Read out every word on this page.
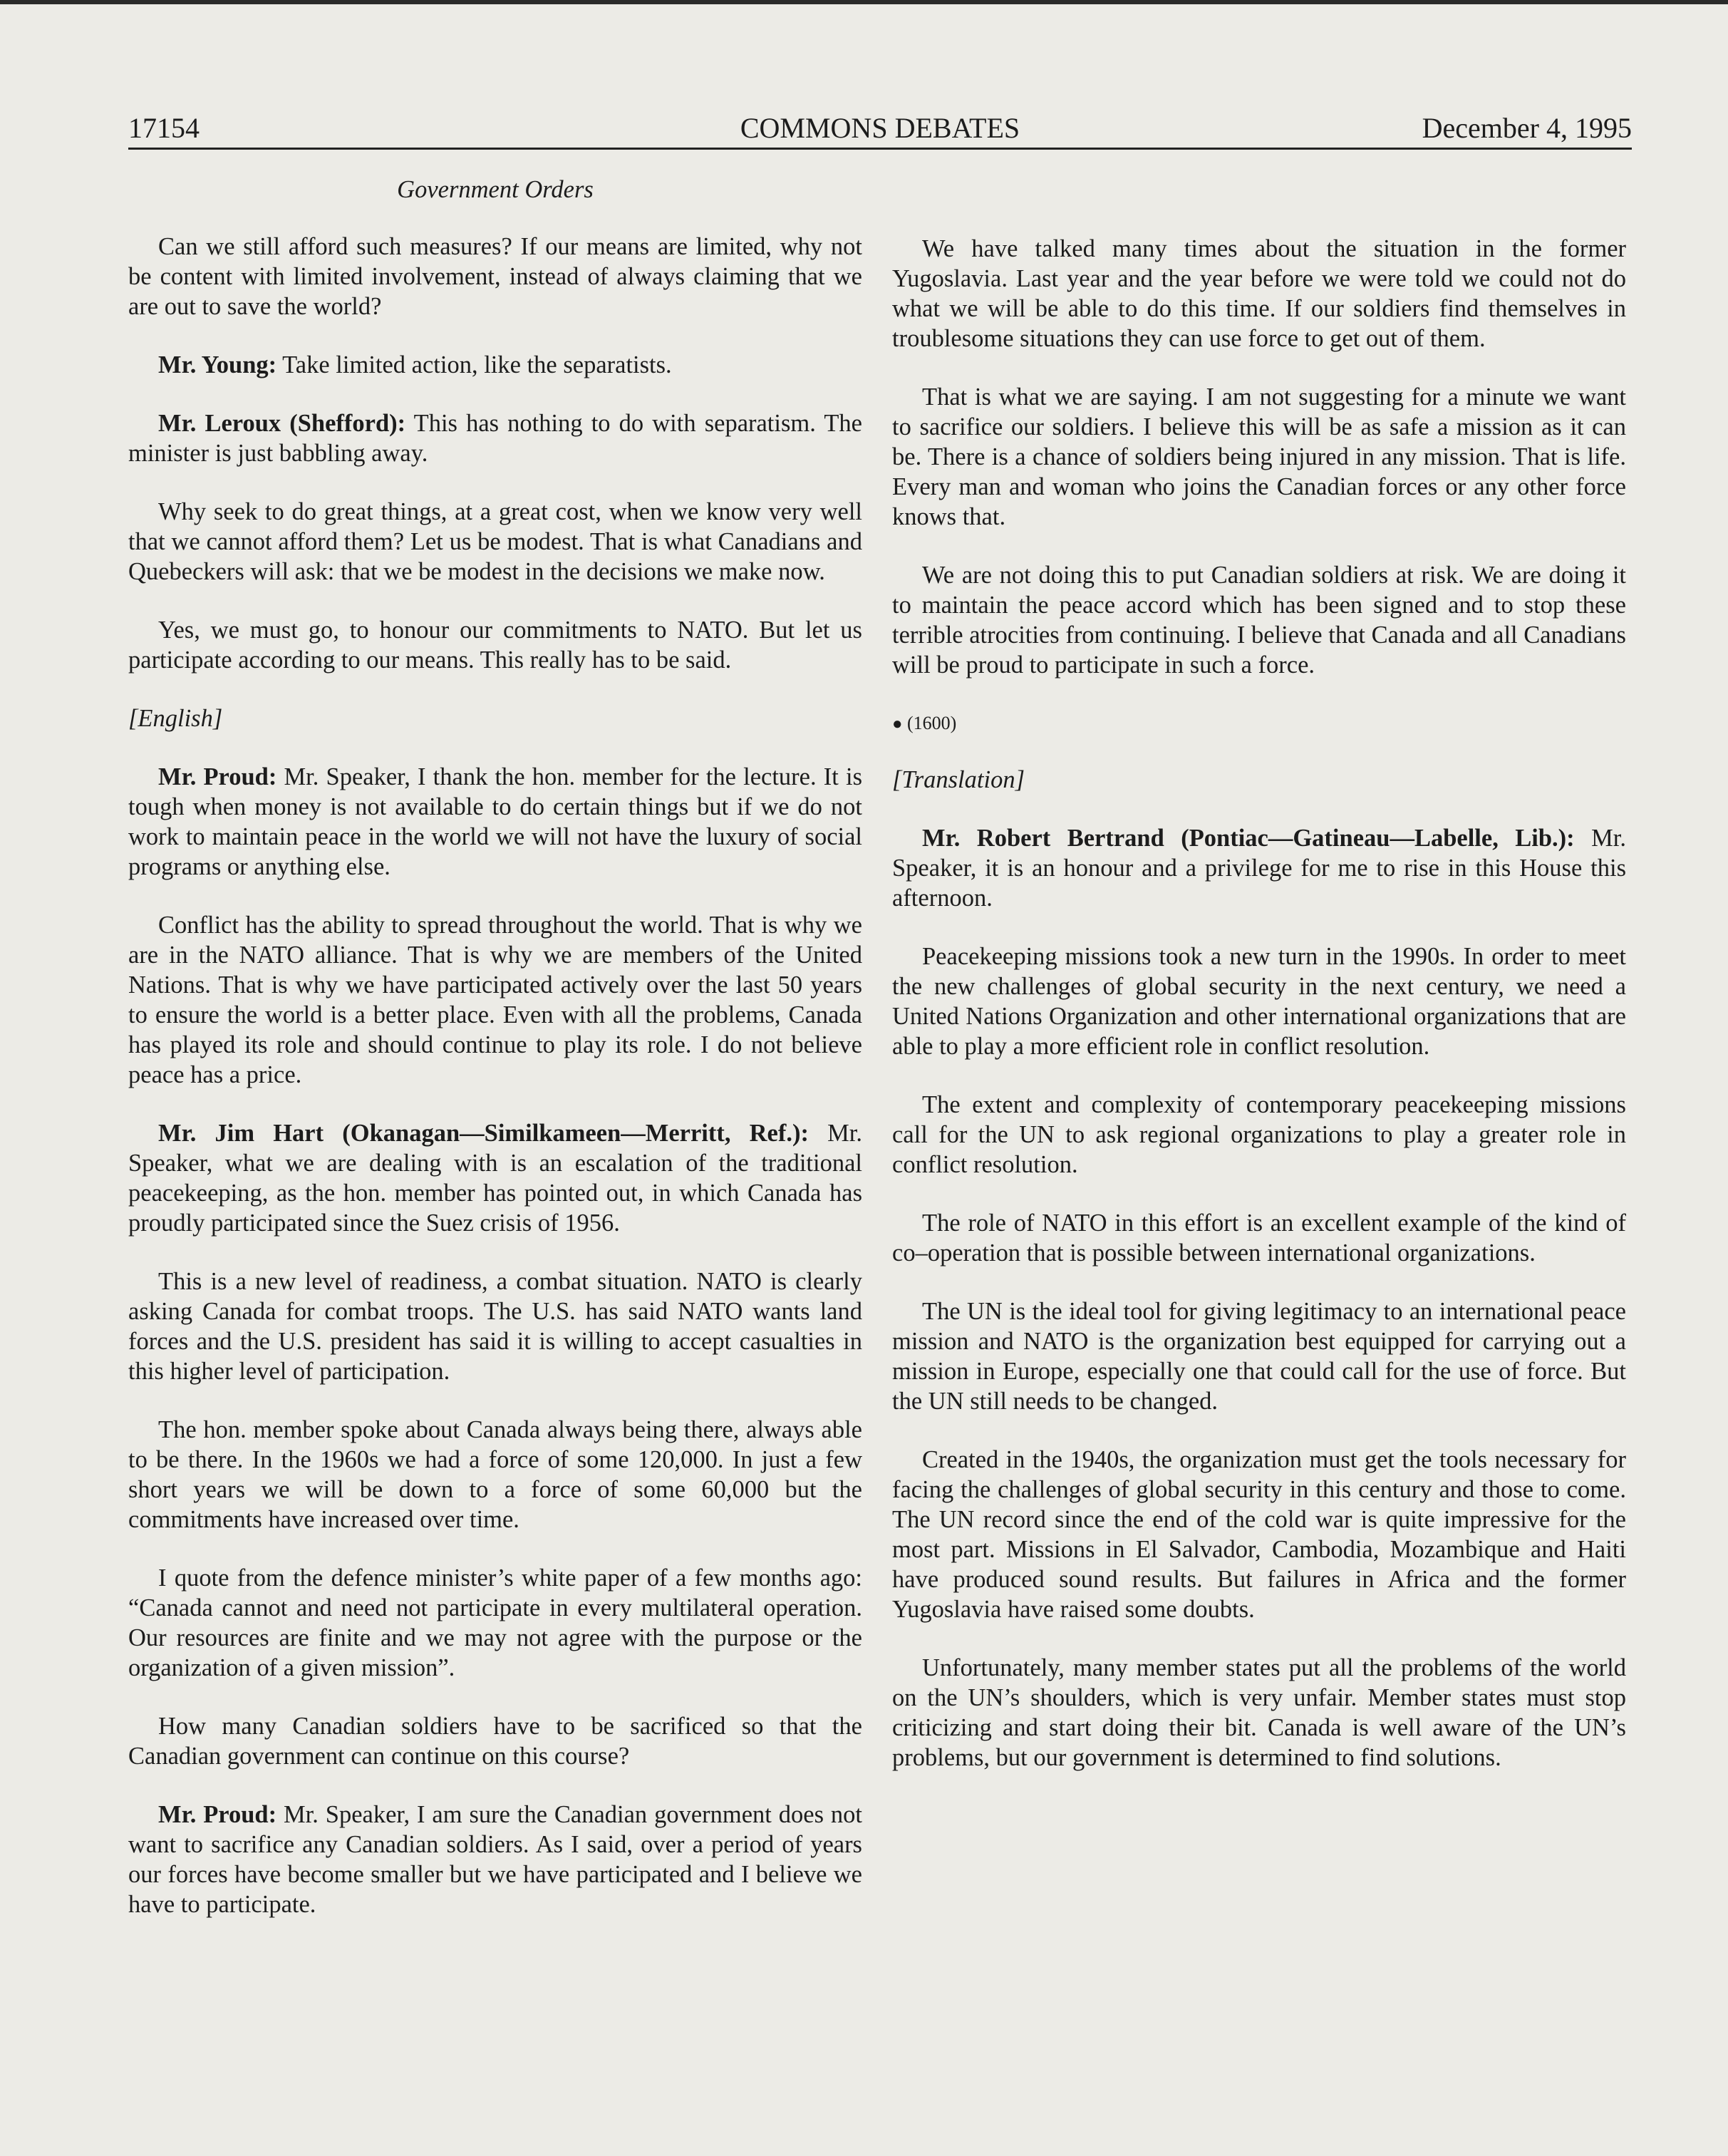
17154	COMMONS DEBATES	December 4, 1995
Government Orders

Can we still afford such measures? If our means are limited, why not be content with limited involvement, instead of always claiming that we are out to save the world?

Mr. Young: Take limited action, like the separatists.

Mr. Leroux (Shefford): This has nothing to do with separatism. The minister is just babbling away.

Why seek to do great things, at a great cost, when we know very well that we cannot afford them? Let us be modest. That is what Canadians and Quebeckers will ask: that we be modest in the decisions we make now.

Yes, we must go, to honour our commitments to NATO. But let us participate according to our means. This really has to be said.

[English]

Mr. Proud: Mr. Speaker, I thank the hon. member for the lecture. It is tough when money is not available to do certain things but if we do not work to maintain peace in the world we will not have the luxury of social programs or anything else.

Conflict has the ability to spread throughout the world. That is why we are in the NATO alliance. That is why we are members of the United Nations. That is why we have participated actively over the last 50 years to ensure the world is a better place. Even with all the problems, Canada has played its role and should continue to play its role. I do not believe peace has a price.

Mr. Jim Hart (Okanagan—Similkameen—Merritt, Ref.): Mr. Speaker, what we are dealing with is an escalation of the traditional peacekeeping, as the hon. member has pointed out, in which Canada has proudly participated since the Suez crisis of 1956.

This is a new level of readiness, a combat situation. NATO is clearly asking Canada for combat troops. The U.S. has said NATO wants land forces and the U.S. president has said it is willing to accept casualties in this higher level of participation.

The hon. member spoke about Canada always being there, always able to be there. In the 1960s we had a force of some 120,000. In just a few short years we will be down to a force of some 60,000 but the commitments have increased over time.

I quote from the defence minister’s white paper of a few months ago: “Canada cannot and need not participate in every multilateral operation. Our resources are finite and we may not agree with the purpose or the organization of a given mission”.

How many Canadian soldiers have to be sacrificed so that the Canadian government can continue on this course?

Mr. Proud: Mr. Speaker, I am sure the Canadian government does not want to sacrifice any Canadian soldiers. As I said, over a period of years our forces have become smaller but we have participated and I believe we have to participate.

We have talked many times about the situation in the former Yugoslavia. Last year and the year before we were told we could not do what we will be able to do this time. If our soldiers find themselves in troublesome situations they can use force to get out of them.

That is what we are saying. I am not suggesting for a minute we want to sacrifice our soldiers. I believe this will be as safe a mission as it can be. There is a chance of soldiers being injured in any mission. That is life. Every man and woman who joins the Canadian forces or any other force knows that.

We are not doing this to put Canadian soldiers at risk. We are doing it to maintain the peace accord which has been signed and to stop these terrible atrocities from continuing. I believe that Canada and all Canadians will be proud to participate in such a force.

● (1600)
[Translation]

Mr. Robert Bertrand (Pontiac—Gatineau—Labelle, Lib.): Mr. Speaker, it is an honour and a privilege for me to rise in this House this afternoon.

Peacekeeping missions took a new turn in the 1990s. In order to meet the new challenges of global security in the next century, we need a United Nations Organization and other international organizations that are able to play a more efficient role in conflict resolution.

The extent and complexity of contemporary peacekeeping missions call for the UN to ask regional organizations to play a greater role in conflict resolution.

The role of NATO in this effort is an excellent example of the kind of co–operation that is possible between international organizations.

The UN is the ideal tool for giving legitimacy to an international peace mission and NATO is the organization best equipped for carrying out a mission in Europe, especially one that could call for the use of force. But the UN still needs to be changed.

Created in the 1940s, the organization must get the tools necessary for facing the challenges of global security in this century and those to come. The UN record since the end of the cold war is quite impressive for the most part. Missions in El Salvador, Cambodia, Mozambique and Haiti have produced sound results. But failures in Africa and the former Yugoslavia have raised some doubts.

Unfortunately, many member states put all the problems of the world on the UN’s shoulders, which is very unfair. Member states must stop criticizing and start doing their bit. Canada is well aware of the UN’s problems, but our government is determined to find solutions.
